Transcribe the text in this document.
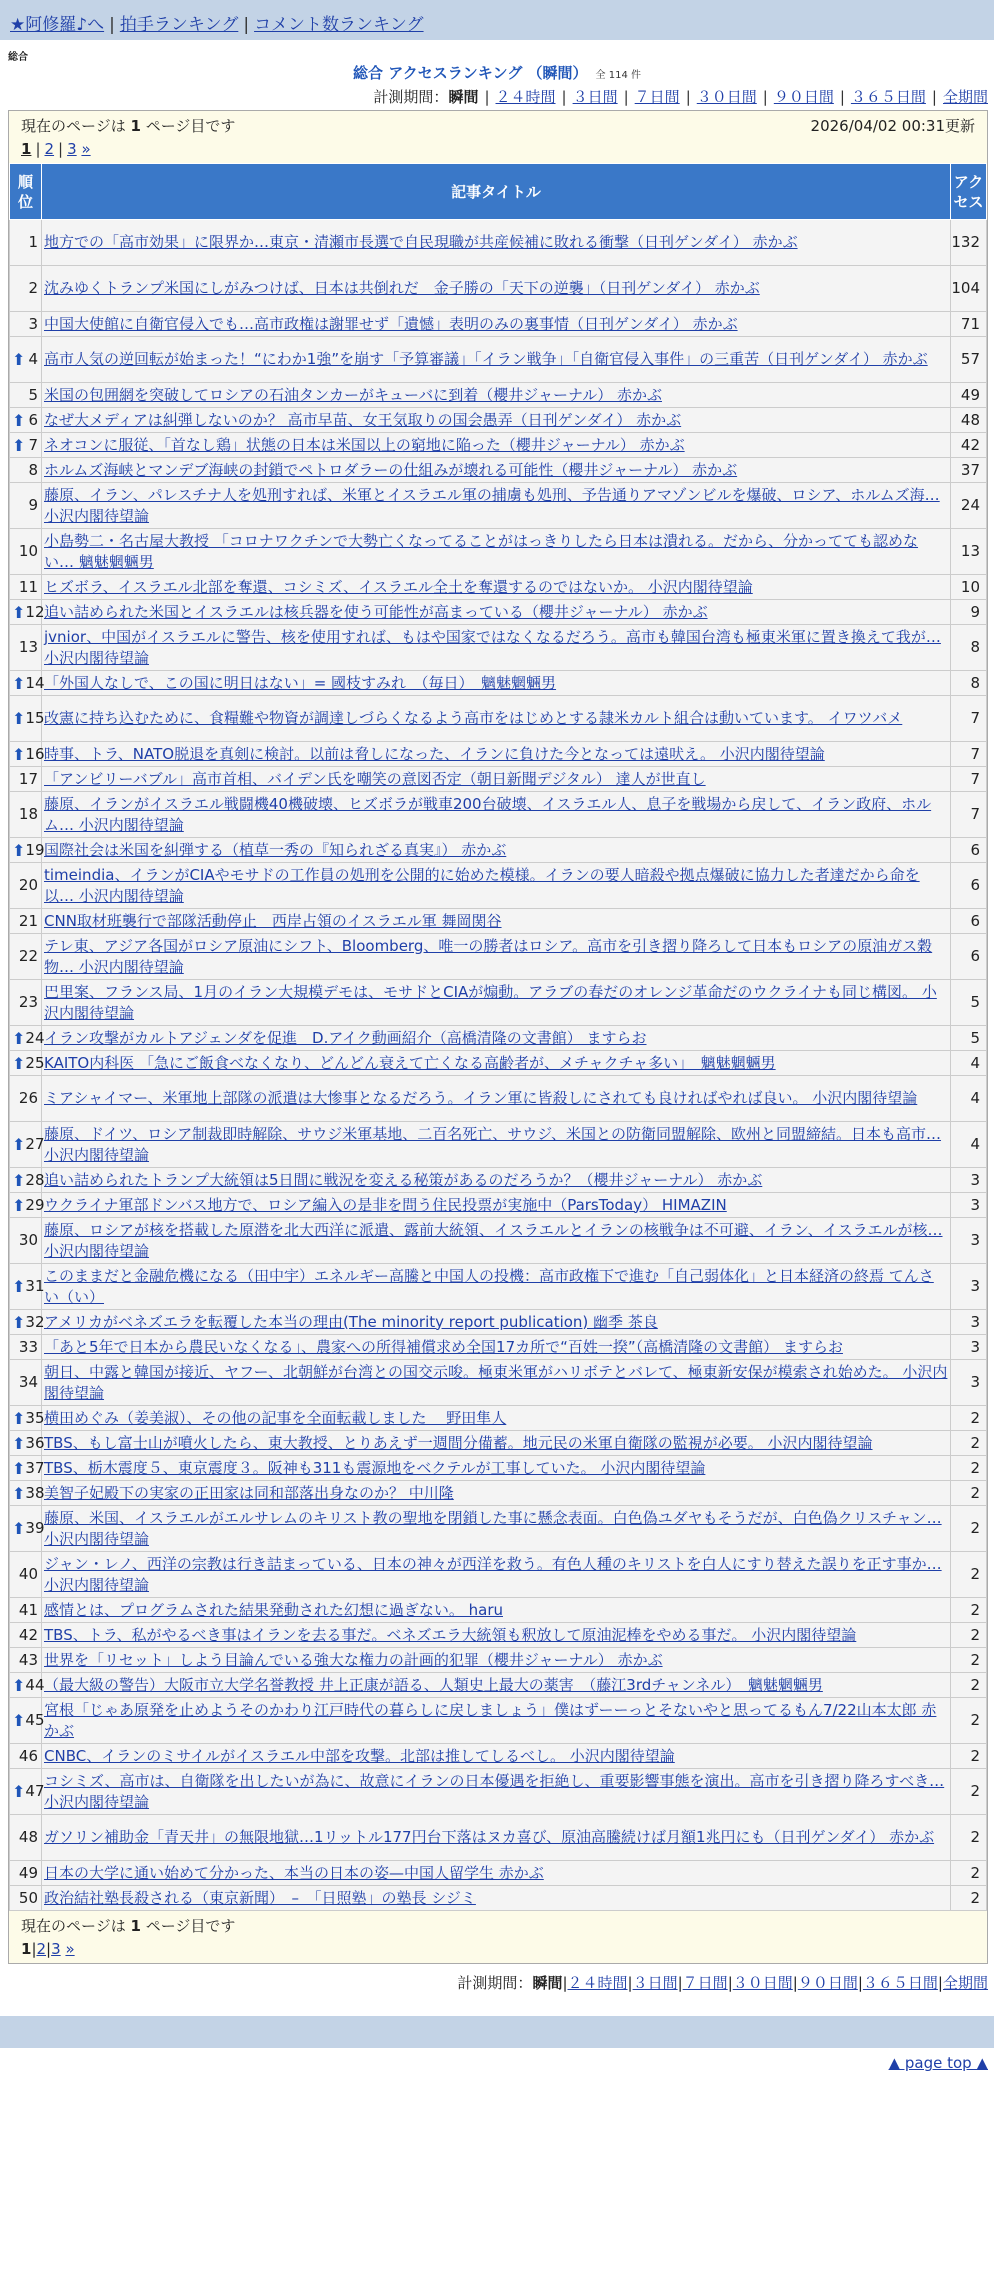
★阿修羅♪へ | 拍手ランキング | コメント数ランキング
総合
総合 アクセスランキング （瞬間） 全 114 件
計測期間：瞬間 | ２４時間 | ３日間 | ７日間 | ３０日間 | ９０日間 | ３６５日間 | 全期間
現在のページは 1 ページ目です	2026/04/02 00:31更新
1 | 2 | 3 »
順位	記事タイトル	アクセス
1	地方での「高市効果」に限界か…東京・清瀬市長選で自民現職が共産候補に敗れる衝撃（日刊ゲンダイ） 赤かぶ	132
2	沈みゆくトランプ米国にしがみつけば、日本は共倒れだ　金子勝の「天下の逆襲」（日刊ゲンダイ） 赤かぶ	104
3	中国大使館に自衛官侵入でも…高市政権は謝罪せず「遺憾」表明のみの裏事情（日刊ゲンダイ） 赤かぶ	71

⬆ 4	高市人気の逆回転が始まった！“にわか1強”を崩す「予算審議」「イラン戦争」「自衛官侵入事件」の三重苦（日刊ゲンダイ） 赤かぶ	57
5	米国の包囲網を突破してロシアの石油タンカーがキューバに到着（櫻井ジャーナル） 赤かぶ	49

⬆ 6	なぜ大メディアは糾弾しないのか？ 高市早苗、女王気取りの国会愚弄（日刊ゲンダイ） 赤かぶ	48

⬆ 7	ネオコンに服従、「首なし鶏」状態の日本は米国以上の窮地に陥った（櫻井ジャーナル） 赤かぶ	42
8	ホルムズ海峡とマンデブ海峡の封鎖でペトロダラーの仕組みが壊れる可能性（櫻井ジャーナル） 赤かぶ	37
9	藤原、イラン、パレスチナ人を処刑すれば、米軍とイスラエル軍の捕虜も処刑、予告通りアマゾンビルを爆破、ロシア、ホルムズ海… 小沢内閣待望論	24
10	小島勢二・名古屋大教授 「コロナワクチンで大勢亡くなってることがはっきりしたら日本は潰れる。だから、分かってても認めない… 魑魅魍魎男	13
11	ヒズボラ、イスラエル北部を奪還、コシミズ、イスラエル全土を奪還するのではないか。 小沢内閣待望論	10

⬆ 12	追い詰められた米国とイスラエルは核兵器を使う可能性が高まっている（櫻井ジャーナル） 赤かぶ	9
13	jvnior、中国がイスラエルに警告、核を使用すれば、もはや国家ではなくなるだろう。高市も韓国台湾も極東米軍に置き換えて我が… 小沢内閣待望論	8

⬆ 14	「外国人なしで、この国に明日はない」= 國枝すみれ　（毎日）　魑魅魍魎男	8

⬆ 15	改憲に持ち込むために、食糧難や物資が調達しづらくなるよう高市をはじめとする隷米カルト組合は動いています。 イワツバメ	7

⬆ 16	時事、トラ、NATO脱退を真剣に検討。以前は脅しになった、イランに負けた今となっては遠吠え。 小沢内閣待望論	7
17	「アンビリーバブル」高市首相、バイデン氏を嘲笑の意図否定（朝日新聞デジタル） 達人が世直し	7
18	藤原、イランがイスラエル戦闘機40機破壊、ヒズボラが戦車200台破壊、イスラエル人、息子を戦場から戻して、イラン政府、ホルム… 小沢内閣待望論	7

⬆ 19	国際社会は米国を糾弾する（植草一秀の『知られざる真実』） 赤かぶ	6
20	timeindia、イランがCIAやモサドの工作員の処刑を公開的に始めた模様。イランの要人暗殺や拠点爆破に協力した者達だから命を以… 小沢内閣待望論	6
21	CNN取材班襲行で部隊活動停止　西岸占領のイスラエル軍 舞岡関谷	6
22	テレ東、アジア各国がロシア原油にシフト、Bloomberg、唯一の勝者はロシア。高市を引き摺り降ろして日本もロシアの原油ガス穀物… 小沢内閣待望論	6
23	巴里案、フランス局、1月のイラン大規模デモは、モサドとCIAが煽動。アラブの春だのオレンジ革命だのウクライナも同じ構図。 小沢内閣待望論	5

⬆ 24	イラン攻撃がカルトアジェンダを促進　D.アイク動画紹介（高橋清隆の文書館） ますらお	5

⬆ 25	KAITO内科医 「急にご飯食べなくなり、どんどん衰えて亡くなる高齢者が、メチャクチャ多い」　魑魅魍魎男	4
26	ミアシャイマー、米軍地上部隊の派遣は大惨事となるだろう。イラン軍に皆殺しにされても良ければやれば良い。 小沢内閣待望論	4

⬆ 27	藤原、ドイツ、ロシア制裁即時解除、サウジ米軍基地、二百名死亡、サウジ、米国との防衛同盟解除、欧州と同盟締結。日本も高市… 小沢内閣待望論	4

⬆ 28	追い詰められたトランプ大統領は5日間に戦況を変える秘策があるのだろうか？（櫻井ジャーナル） 赤かぶ	3

⬆ 29	ウクライナ軍部ドンバス地方で、ロシア編入の是非を問う住民投票が実施中（ParsToday） HIMAZIN	3
30	藤原、ロシアが核を搭載した原潜を北大西洋に派遣、露前大統領、イスラエルとイランの核戦争は不可避、イラン、イスラエルが核… 小沢内閣待望論	3

⬆ 31	このままだと金融危機になる（田中宇）エネルギー高騰と中国人の投機：高市政権下で進む「自己弱体化」と日本経済の終焉 てんさい（い）	3

⬆ 32	アメリカがベネズエラを転覆した本当の理由(The minority report publication) 幽季 茶良	3
33	「あと5年で日本から農民いなくなる」、農家への所得補償求め全国17カ所で“百姓一揆”（高橋清隆の文書館） ますらお	3
34	朝日、中露と韓国が接近、ヤフー、北朝鮮が台湾との国交示唆。極東米軍がハリボテとバレて、極東新安保が模索され始めた。 小沢内閣待望論	3

⬆ 35	横田めぐみ（姜美淑）、その他の記事を全面転載しました　 野田隼人	2

⬆ 36	TBS、もし富士山が噴火したら、東大教授、とりあえず一週間分備蓄。地元民の米軍自衛隊の監視が必要。 小沢内閣待望論	2

⬆ 37	TBS、栃木震度５、東京震度３。阪神も311も震源地をベクテルが工事していた。 小沢内閣待望論	2

⬆ 38	美智子妃殿下の実家の正田家は同和部落出身なのか？ 中川隆	2

⬆ 39	藤原、米国、イスラエルがエルサレムのキリスト教の聖地を閉鎖した事に懸念表面。白色偽ユダヤもそうだが、白色偽クリスチャン… 小沢内閣待望論	2
40	ジャン・レノ、西洋の宗教は行き詰まっている、日本の神々が西洋を救う。有色人種のキリストを白人にすり替えた誤りを正す事か… 小沢内閣待望論	2
41	感情とは、プログラムされた結果発動された幻想に過ぎない。 haru	2
42	TBS、トラ、私がやるべき事はイランを去る事だ。ベネズエラ大統領も釈放して原油泥棒をやめる事だ。 小沢内閣待望論	2
43	世界を「リセット」しよう目論んでいる強大な権力の計画的犯罪（櫻井ジャーナル） 赤かぶ	2

⬆ 44	（最大級の警告）大阪市立大学名誉教授 井上正康が語る、人類史上最大の薬害　（藤江3rdチャンネル）　魑魅魍魎男	2

⬆ 45	宮根「じゃあ原発を止めようそのかわり江戸時代の暮らしに戻しましょう」僕はずーーっとそないやと思ってるもん7/22山本太郎 赤かぶ	2
46	CNBC、イランのミサイルがイスラエル中部を攻撃。北部は推してしるべし。 小沢内閣待望論	2

⬆ 47	コシミズ、高市は、自衛隊を出したいが為に、故意にイランの日本優遇を拒絶し、重要影響事態を演出。高市を引き摺り降ろすべき… 小沢内閣待望論	2
48	ガソリン補助金「青天井」の無限地獄…1リットル177円台下落はヌカ喜び、原油高騰続けば月額1兆円にも（日刊ゲンダイ） 赤かぶ	2
49	日本の大学に通い始めて分かった、本当の日本の姿—中国人留学生 赤かぶ	2
50	政治結社塾長殺される（東京新聞）　–　「日照塾」の塾長 シジミ	2
現在のページは 1 ページ目です
1|2|3 »
計測期間：瞬間|２４時間|３日間|７日間|３０日間|９０日間|３６５日間|全期間
▲ page top ▲
